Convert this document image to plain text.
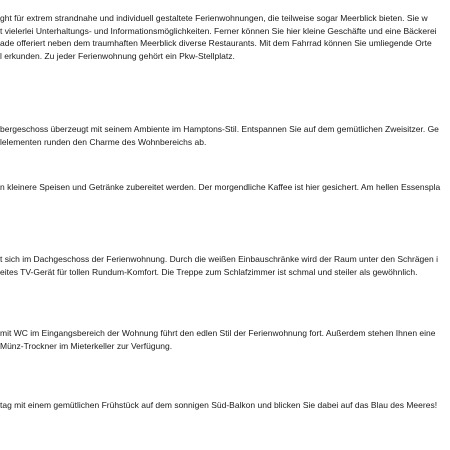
ght für extrem strandnahe und individuell gestaltete Ferienwohnungen, die teilweise sogar Meerblick bieten. Sie w
t vielerlei Unterhaltungs- und Informationsmöglichkeiten. Ferner können Sie hier kleine Geschäfte und eine Bäckerei
ade offeriert neben dem traumhaften Meerblick diverse Restaurants. Mit dem Fahrrad können Sie umliegende Orte
l erkunden. Zu jeder Ferienwohnung gehört ein Pkw-Stellplatz.
bergeschoss überzeugt mit seinem Ambiente im Hamptons-Stil. Entspannen Sie auf dem gemütlichen Zweisitzer. Ge
lelementen runden den Charme des Wohnbereichs ab.
n kleinere Speisen und Getränke zubereitet werden. Der morgendliche Kaffee ist hier gesichert. Am hellen Essenspla
t sich im Dachgeschoss der Ferienwohnung. Durch die weißen Einbauschränke wird der Raum unter den Schrägen i
eites TV-Gerät für tollen Rundum-Komfort. Die Treppe zum Schlafzimmer ist schmal und steiler als gewöhnlich.
mit WC im Eingangsbereich der Wohnung führt den edlen Stil der Ferienwohnung fort. Außerdem stehen Ihnen eine
Münz-Trockner im Mieterkeller zur Verfügung.
tag mit einem gemütlichen Frühstück auf dem sonnigen Süd-Balkon und blicken Sie dabei auf das Blau des Meeres!
